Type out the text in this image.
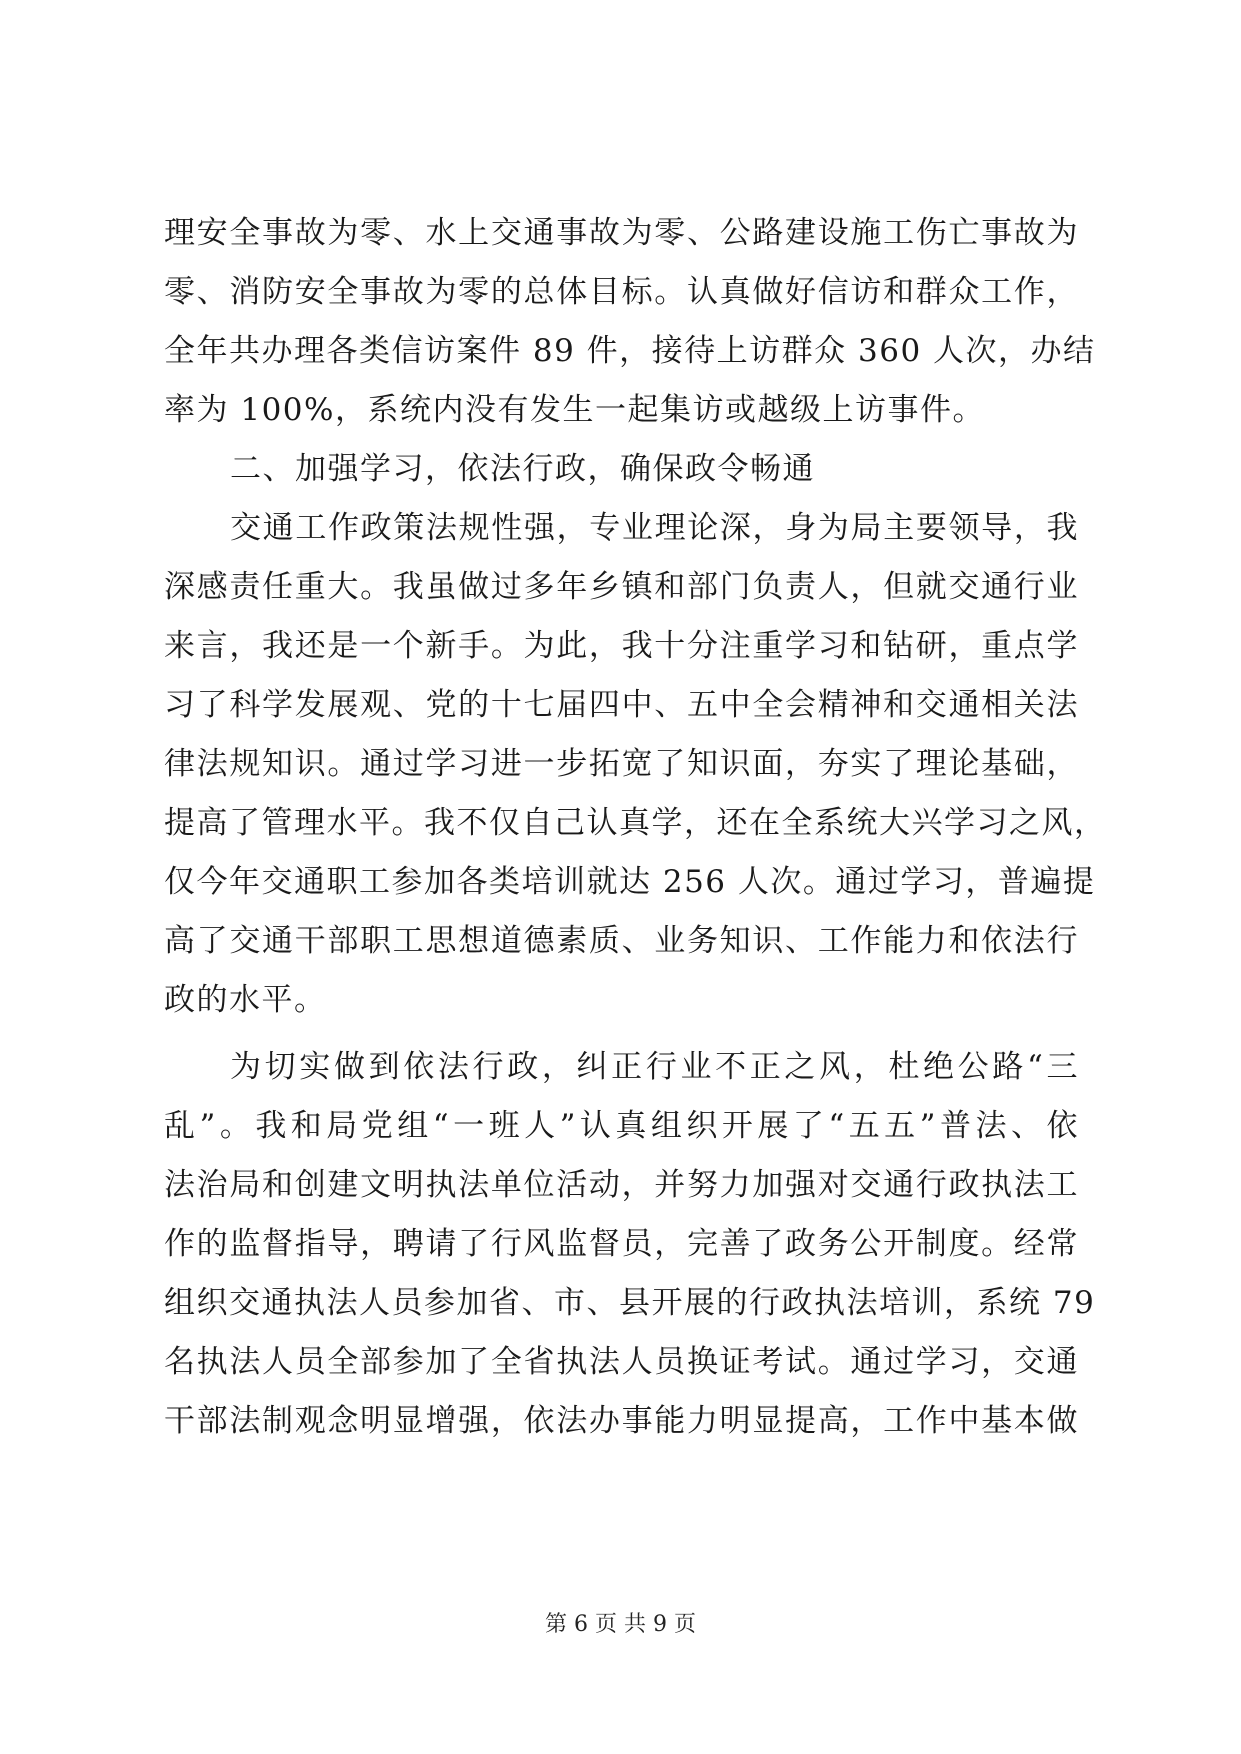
理安全事故为零、水上交通事故为零、公路建设施工伤亡事故为
零、消防安全事故为零的总体目标。认真做好信访和群众工作，
全年共办理各类信访案件 89 件，接待上访群众 360 人次，办结
率为 100%，系统内没有发生一起集访或越级上访事件。
二、加强学习，依法行政，确保政令畅通
交通工作政策法规性强，专业理论深，身为局主要领导，我
深感责任重大。我虽做过多年乡镇和部门负责人，但就交通行业
来言，我还是一个新手。为此，我十分注重学习和钻研，重点学
习了科学发展观、党的十七届四中、五中全会精神和交通相关法
律法规知识。通过学习进一步拓宽了知识面，夯实了理论基础，
提高了管理水平。我不仅自己认真学，还在全系统大兴学习之风，
仅今年交通职工参加各类培训就达 256 人次。通过学习，普遍提
高了交通干部职工思想道德素质、业务知识、工作能力和依法行
政的水平。
为切实做到依法行政，纠正行业不正之风，杜绝公路“三
乱”。我和局党组“一班人”认真组织开展了“五五”普法、依
法治局和创建文明执法单位活动，并努力加强对交通行政执法工
作的监督指导，聘请了行风监督员，完善了政务公开制度。经常
组织交通执法人员参加省、市、县开展的行政执法培训，系统 79
名执法人员全部参加了全省执法人员换证考试。通过学习，交通
干部法制观念明显增强，依法办事能力明显提高，工作中基本做
第 6 页 共 9 页
